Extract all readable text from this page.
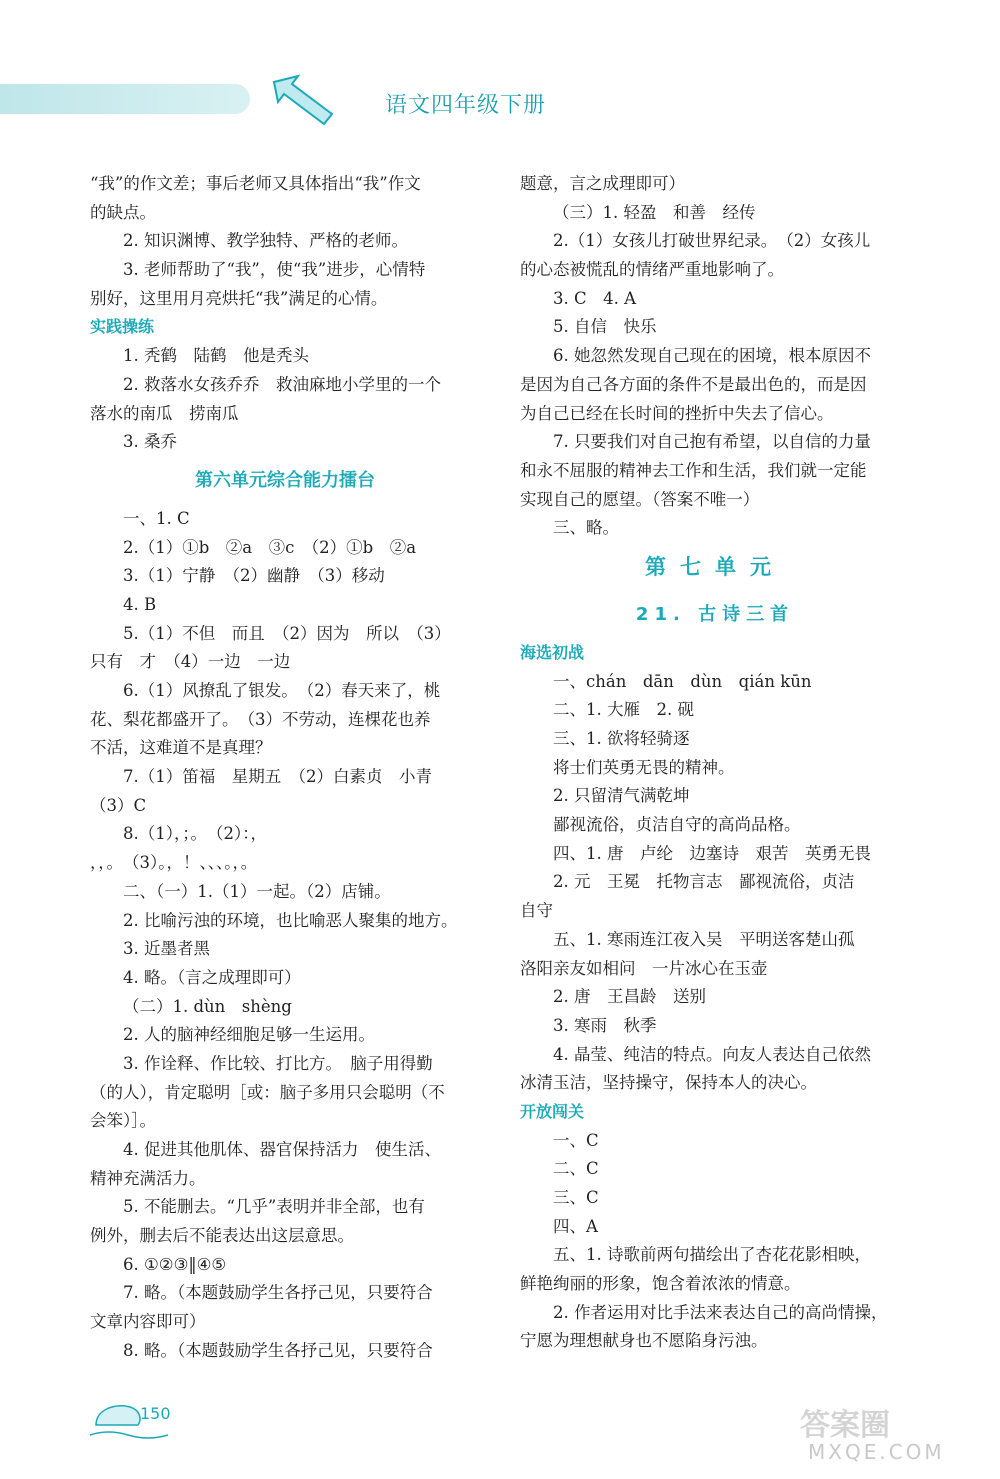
语文四年级下册
“我”的作文差；事后老师又具体指出“我”作文
的缺点。
2. 知识渊博、教学独特、严格的老师。
3. 老师帮助了“我”，使“我”进步，心情特
别好，这里用月亮烘托“我”满足的心情。
实践操练
1. 秃鹤　陆鹤　他是秃头
2. 救落水女孩乔乔　救油麻地小学里的一个
落水的南瓜　捞南瓜
3. 桑乔
第六单元综合能力擂台
一、1. C
2.（1）①b　②a　③c　（2）①b　②a
3.（1）宁静　（2）幽静　（3）移动
4. B
5.（1）不但　而且　（2）因为　所以　（3）
只有　才　（4）一边　一边
6.（1）风撩乱了银发。　（2）春天来了，桃
花、梨花都盛开了。　（3）不劳动，连棵花也养
不活，这难道不是真理？
7.（1）笛福　星期五　（2）白素贞　小青
（3）C
8.（1），；。　（2）：，
，，。　（3）。，！、、、。，。
二、（一）1.（1）一起。（2）店铺。
2. 比喻污浊的环境，也比喻恶人聚集的地方。
3. 近墨者黑
4. 略。（言之成理即可）
（二）1. dùn　shèng
2. 人的脑神经细胞足够一生运用。
3. 作诠释、作比较、打比方。　脑子用得勤
（的人），肯定聪明［或：脑子多用只会聪明（不
会笨）］。
4. 促进其他肌体、器官保持活力　使生活、
精神充满活力。
5. 不能删去。“几乎”表明并非全部，也有
例外，删去后不能表达出这层意思。
6. ①②③‖④⑤
7. 略。（本题鼓励学生各抒己见，只要符合
文章内容即可）
8. 略。（本题鼓励学生各抒己见，只要符合
题意，言之成理即可）
（三）1. 轻盈　和善　经传
2.（1）女孩儿打破世界纪录。　（2）女孩儿
的心态被慌乱的情绪严重地影响了。
3. C　4. A
5. 自信　快乐
6. 她忽然发现自己现在的困境，根本原因不
是因为自己各方面的条件不是最出色的，而是因
为自己已经在长时间的挫折中失去了信心。
7. 只要我们对自己抱有希望，以自信的力量
和永不屈服的精神去工作和生活，我们就一定能
实现自己的愿望。（答案不唯一）
三、略。
第七单元
21. 古诗三首
海选初战
一、chán　dān　dùn　qián kūn
二、1. 大雁　2. 砚
三、1. 欲将轻骑逐
将士们英勇无畏的精神。
2. 只留清气满乾坤
鄙视流俗，贞洁自守的高尚品格。
四、1. 唐　卢纶　边塞诗　艰苦　英勇无畏
2. 元　王冕　托物言志　鄙视流俗，贞洁
自守
五、1. 寒雨连江夜入吴　平明送客楚山孤
洛阳亲友如相问　一片冰心在玉壶
2. 唐　王昌龄　送别
3. 寒雨　秋季
4. 晶莹、纯洁的特点。向友人表达自己依然
冰清玉洁，坚持操守，保持本人的决心。
开放闯关
一、C
二、C
三、C
四、A
五、1. 诗歌前两句描绘出了杏花花影相映，
鲜艳绚丽的形象，饱含着浓浓的情意。
2. 作者运用对比手法来表达自己的高尚情操，
宁愿为理想献身也不愿陷身污浊。
150	答案圈
MXQE.COM
